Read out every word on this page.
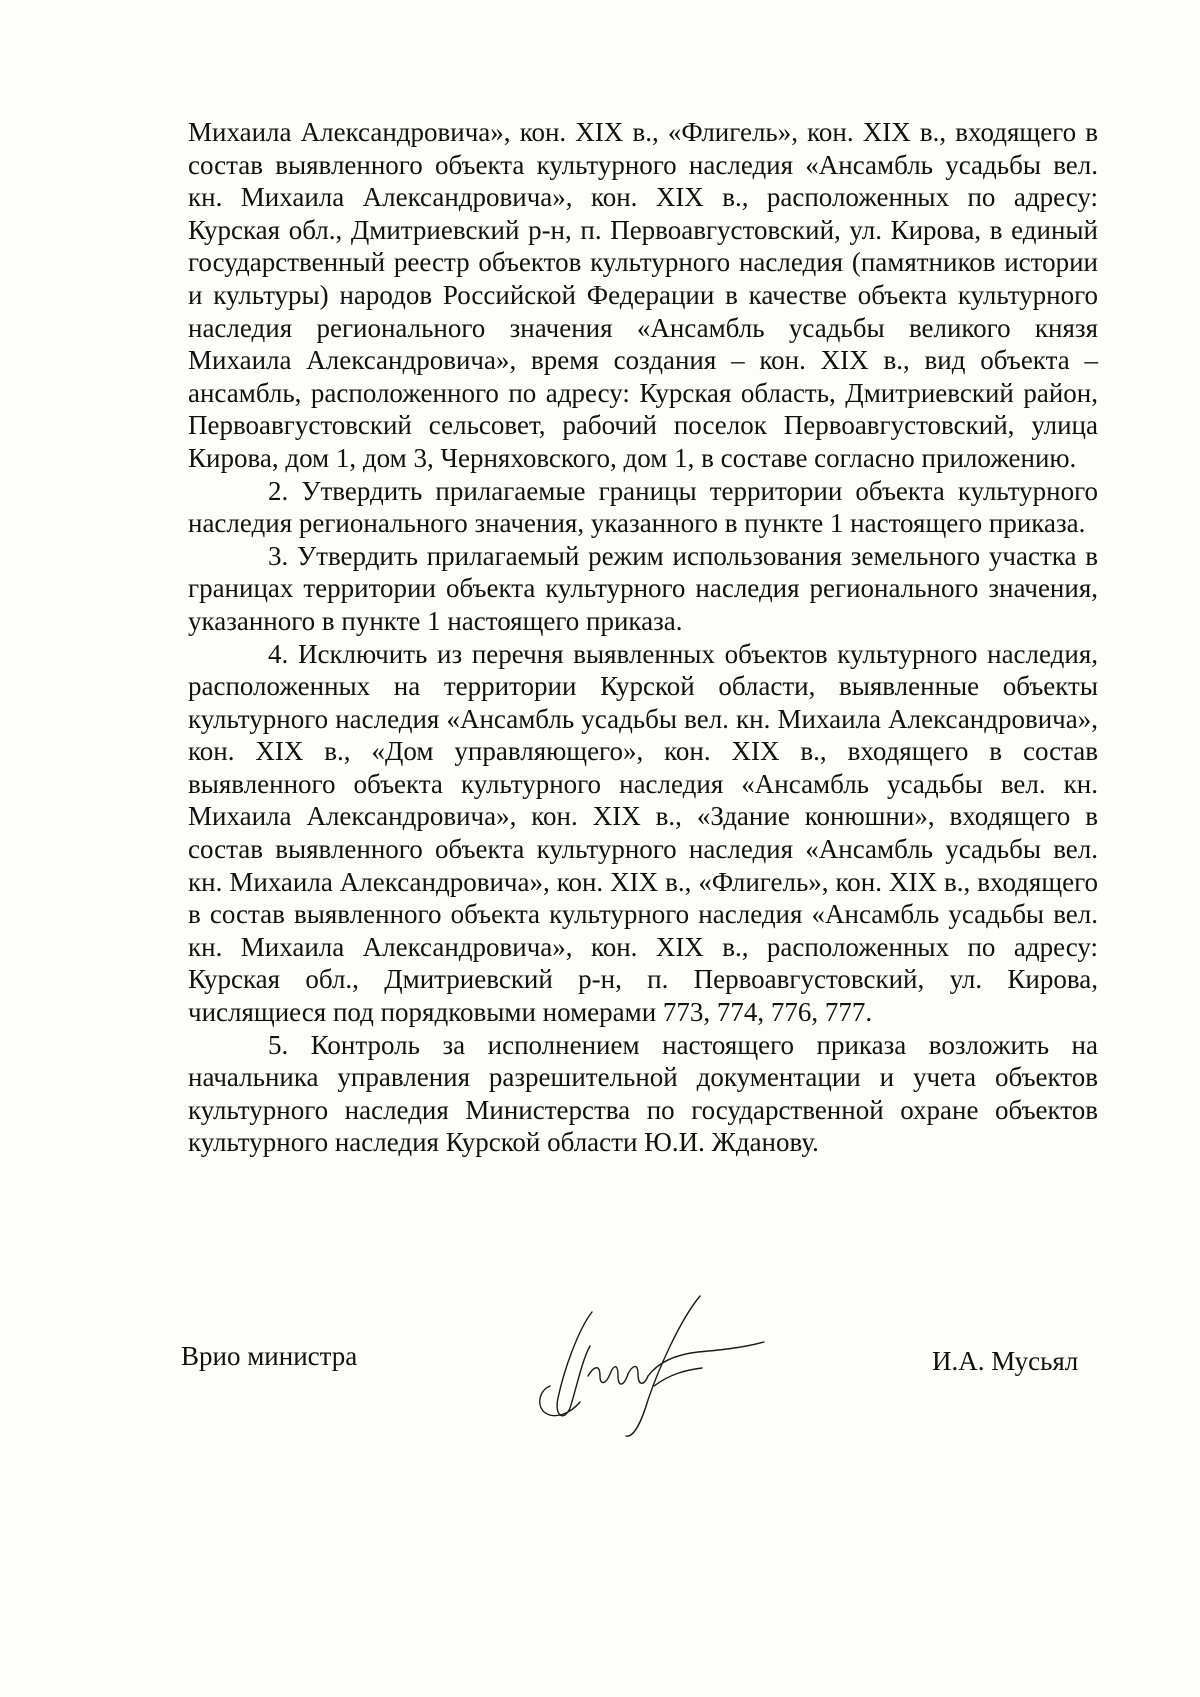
Михаила Александровича», кон. XIX в., «Флигель», кон. XIX в., входящего в состав выявленного объекта культурного наследия «Ансамбль усадьбы вел. кн. Михаила Александровича», кон. XIX в., расположенных по адресу: Курская обл., Дмитриевский р-н, п. Первоавгустовский, ул. Кирова, в единый государственный реестр объектов культурного наследия (памятников истории и культуры) народов Российской Федерации в качестве объекта культурного наследия регионального значения «Ансамбль усадьбы великого князя Михаила Александровича», время создания – кон. XIX в., вид объекта – ансамбль, расположенного по адресу: Курская область, Дмитриевский район, Первоавгустовский сельсовет, рабочий поселок Первоавгустовский, улица Кирова, дом 1, дом 3, Черняховского, дом 1, в составе согласно приложению.

2. Утвердить прилагаемые границы территории объекта культурного наследия регионального значения, указанного в пункте 1 настоящего приказа.

3. Утвердить прилагаемый режим использования земельного участка в границах территории объекта культурного наследия регионального значения, указанного в пункте 1 настоящего приказа.

4. Исключить из перечня выявленных объектов культурного наследия, расположенных на территории Курской области, выявленные объекты культурного наследия «Ансамбль усадьбы вел. кн. Михаила Александровича», кон. XIX в., «Дом управляющего», кон. XIX в., входящего в состав выявленного объекта культурного наследия «Ансамбль усадьбы вел. кн. Михаила Александровича», кон. XIX в., «Здание конюшни», входящего в состав выявленного объекта культурного наследия «Ансамбль усадьбы вел. кн. Михаила Александровича», кон. XIX в., «Флигель», кон. XIX в., входящего в состав выявленного объекта культурного наследия «Ансамбль усадьбы вел. кн. Михаила Александровича», кон. XIX в., расположенных по адресу: Курская обл., Дмитриевский р-н, п. Первоавгустовский, ул. Кирова, числящиеся под порядковыми номерами 773, 774, 776, 777.

5. Контроль за исполнением настоящего приказа возложить на начальника управления разрешительной документации и учета объектов культурного наследия Министерства по государственной охране объектов культурного наследия Курской области Ю.И. Жданову.

Врио министра	И.А. Мусьял
